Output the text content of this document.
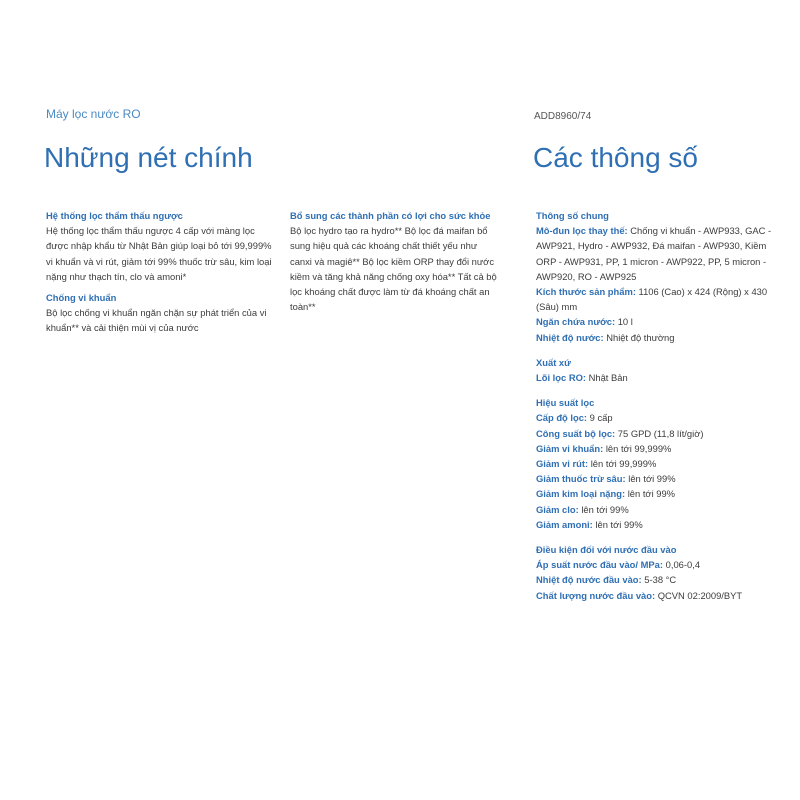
Máy lọc nước RO	ADD8960/74
Những nét chính	Các thông số
Hệ thống lọc thẩm thấu ngược

Hệ thống lọc thẩm thấu ngược 4 cấp với màng lọc được nhập khẩu từ Nhật Bản giúp loại bỏ tới 99,999% vi khuẩn và vi rút, giảm tới 99% thuốc trừ sâu, kim loại nặng như thạch tín, clo và amoni*

Chống vi khuẩn

Bộ lọc chống vi khuẩn ngăn chặn sự phát triển của vi khuẩn** và cải thiện mùi vị của nước

Bổ sung các thành phần có lợi cho sức khỏe

Bộ lọc hydro tạo ra hydro** Bộ lọc đá maifan bổ sung hiệu quả các khoáng chất thiết yếu như canxi và magiê** Bộ lọc kiềm ORP thay đổi nước kiềm và tăng khả năng chống oxy hóa** Tất cả bộ lọc khoáng chất được làm từ đá khoáng chất an toàn**

Thông số chung

Mô-đun lọc thay thế : Chống vi khuẩn - AWP933, GAC - AWP921, Hydro - AWP932, Đá maifan - AWP930, Kiềm ORP - AWP931, PP, 1 micron - AWP922, PP, 5 micron - AWP920, RO - AWP925

Kích thước sản phẩm : 1106 (Cao) x 424 (Rộng) x 430 (Sâu) mm

Ngăn chứa nước : 10 l

Nhiệt độ nước : Nhiệt độ thường

Xuất xứ

Lõi lọc RO : Nhật Bản

Hiệu suất lọc

Cấp độ lọc : 9 cấp

Công suất bộ lọc : 75 GPD (11,8 lít/giờ)

Giảm vi khuẩn : lên tới 99,999%

Giảm vi rút : lên tới 99,999%

Giảm thuốc trừ sâu : lên tới 99%

Giảm kim loại nặng : lên tới 99%

Giảm clo : lên tới 99%

Giảm amoni : lên tới 99%

Điều kiện đối với nước đầu vào

Áp suất nước đầu vào/ MPa : 0,06-0,4

Nhiệt độ nước đầu vào : 5-38 °C

Chất lượng nước đầu vào : QCVN 02:2009/BYT
